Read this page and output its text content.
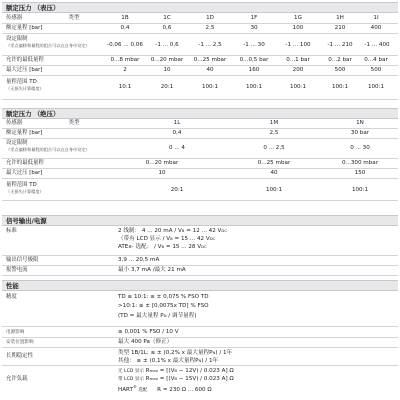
额定压力 （表压）
传感器	类型	1B	1C	1D	1F	1G	1H	1I
额定量程 [bar]	0,4	0,6	2,5	30	100	210	400
设定限制
（零点偏移和量程的组合可以在自身中设定）	-0,06 ... 0,06	-1 ... 0,6	-1 ... 2,5	-1 ... 30	-1 ... 100	-1 ... 210	-1 ... 400
允许的最低量程	0...8 mbar	0...20 mbar	0...25 mbar	0...0,5 bar	0...1 bar	0...2 bar	0...4 bar
最大过压 [bar]	2	10	40	160	200	500	500
量程范围 TD
（无损失计算精度）	10:1	20:1	100:1	100:1	100:1	100:1	100:1
额定压力 （绝压）
传感器	类型	1L	1M	1N
额定量程 [bar]	0,4	2,5	30 bar
设定限制
（零点偏移和量程的组合可以在自身中设定）	0 ... 4	0 ... 2,5	0 ... 30
允许的最低量程	0...20 mbar	0...25 mbar	0...300 mbar
最大过压 [bar]	10	40	150
量程范围 TD
（无损失计算精度）	20:1	100:1	100:1
信号输出/电源
标准	2 线制： 4 ... 20 mA / VB = 12 ... 42 VDC
（带有 LCD 显示 / VB = 15 ... 42 VDC
ATEx- 选配： / VB = 15 ... 28 VDC
输出信号极限	3,9 ... 20,5 mA
报警电流	最小 3,7 mA /最大 21 mA
性能
精度	TD ≤ 10:1: ≤ ± 0,075 % FSO TD
>10:1: ≤ ± [0,0075x TD] % FSO
(TD = 最大量程 PN / 调节量程)
电源影响	≤ 0,001 % FSO / 10 V
安装位置影响	最大 400 Pa（修正）
长期稳定性	类型 1B/1L: ≤ ± (0,2% x 最大量程PN) / 1年
其他： ≤ ± (0,1% x 最大量程PN) / 1年
允许负载
无 LCD 显示 Rmax = [(VB − 12V) / 0.023 A] Ω
带 LCD 显示 Rmax = [(VB − 15V) / 0.023 A] Ω
HART® 选配 R = 230 Ω ... 600 Ω
